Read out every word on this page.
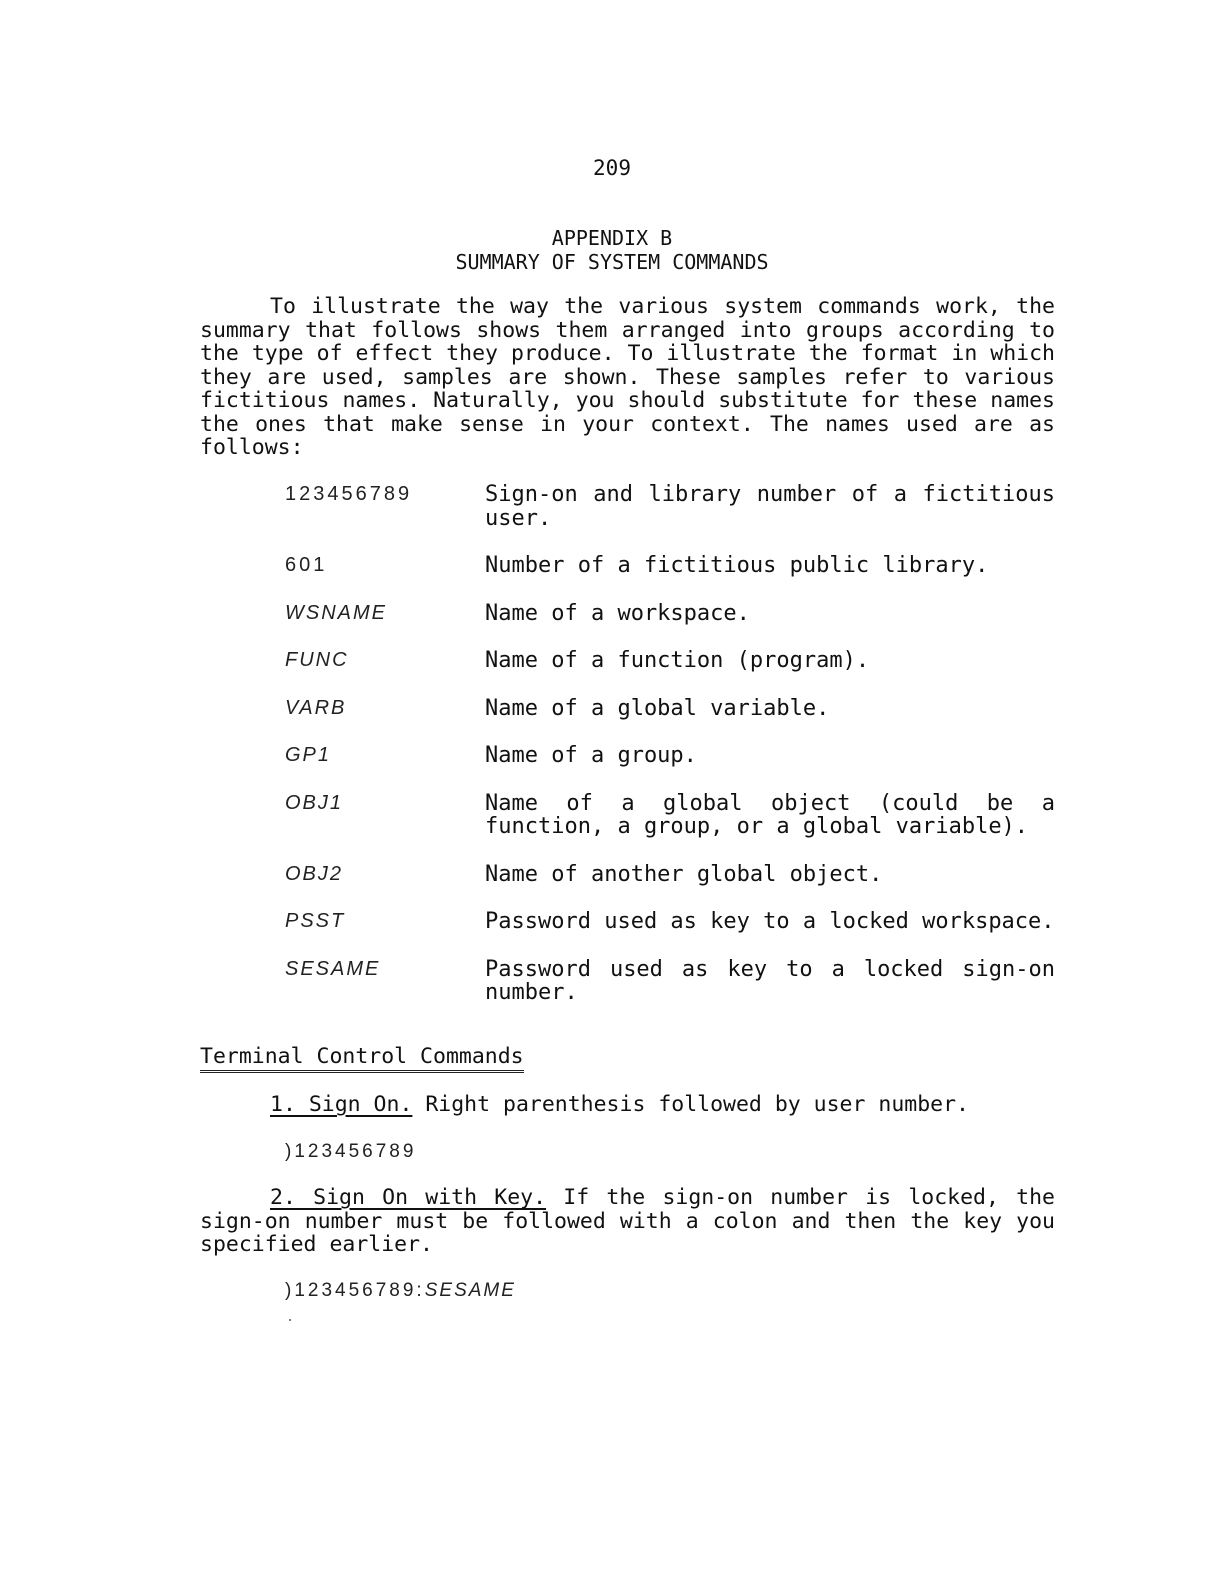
209
APPENDIX B
SUMMARY OF SYSTEM COMMANDS

To illustrate the way the various system commands work, the summary that follows shows them arranged into groups according to the type of effect they produce. To illustrate the format in which they are used, samples are shown. These samples refer to various fictitious names. Naturally, you should substitute for these names the ones that make sense in your context. The names used are as follows:

123456789	Sign-on and library number of a fictitious user.
601	Number of a fictitious public library.
WSNAME	Name of a workspace.
FUNC	Name of a function (program).
VARB	Name of a global variable.
GP1	Name of a group.
OBJ1	Name of a global object (could be a function, a group, or a global variable).
OBJ2	Name of another global object.
PSST	Password used as key to a locked workspace.
SESAME	Password used as key to a locked sign-on number.
Terminal Control Commands

1. Sign On. Right parenthesis followed by user number.

)123456789

2. Sign On with Key. If the sign-on number is locked, the sign-on number must be followed with a colon and then the key you specified earlier.

)123456789:SESAME
